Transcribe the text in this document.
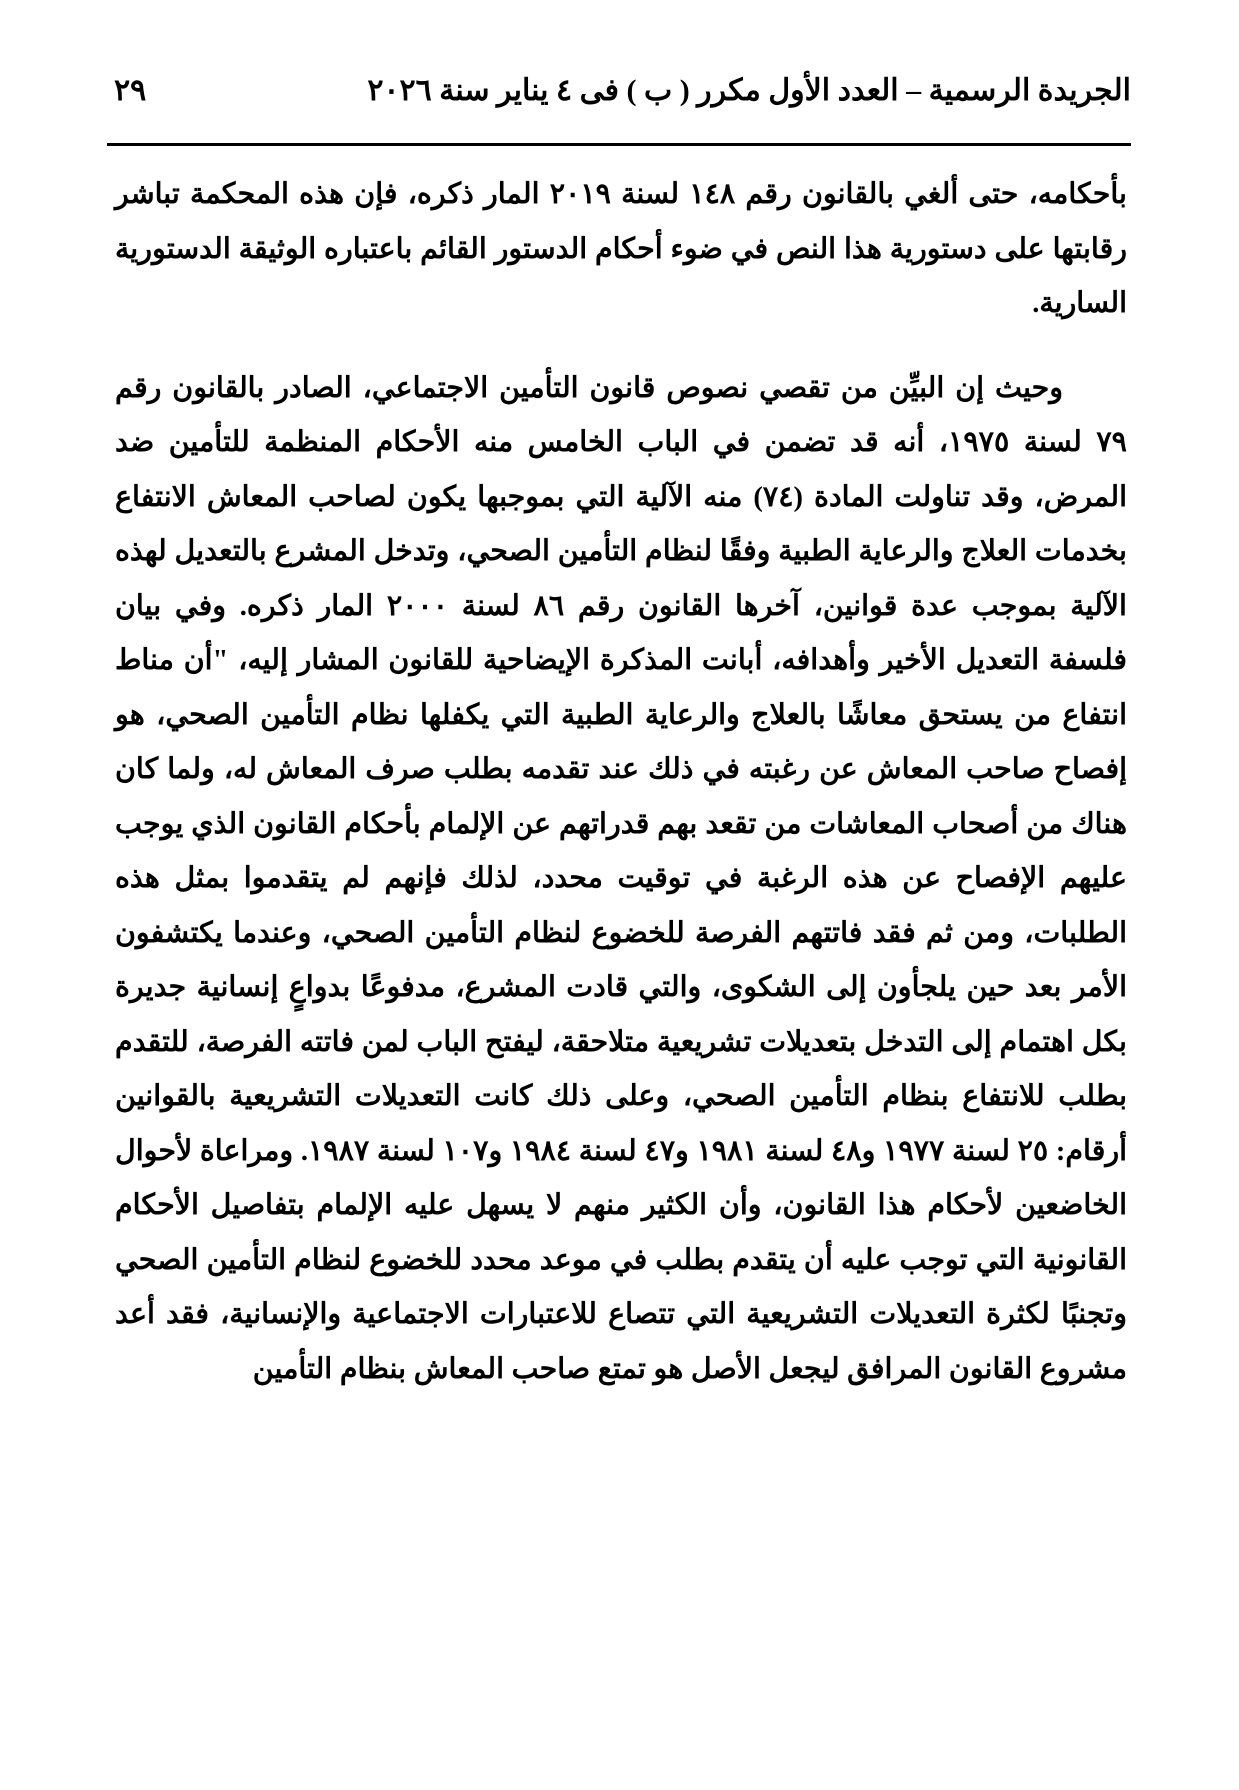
الجريدة الرسمية – العدد الأول مكرر ( ب ) فى ٤ يناير سنة ٢٠٢٦
٢٩

بأحكامه، حتى ألغي بالقانون رقم ١٤٨ لسنة ٢٠١٩ المار ذكره، فإن هذه المحكمة تباشر رقابتها على دستورية هذا النص في ضوء أحكام الدستور القائم باعتباره الوثيقة الدستورية السارية.

وحيث إن البيِّن من تقصي نصوص قانون التأمين الاجتماعي، الصادر بالقانون رقم ٧٩ لسنة ١٩٧٥، أنه قد تضمن في الباب الخامس منه الأحكام المنظمة للتأمين ضد المرض، وقد تناولت المادة (٧٤) منه الآلية التي بموجبها يكون لصاحب المعاش الانتفاع بخدمات العلاج والرعاية الطبية وفقًا لنظام التأمين الصحي، وتدخل المشرع بالتعديل لهذه الآلية بموجب عدة قوانين، آخرها القانون رقم ٨٦ لسنة ٢٠٠٠ المار ذكره. وفي بيان فلسفة التعديل الأخير وأهدافه، أبانت المذكرة الإيضاحية للقانون المشار إليه، "أن مناط انتفاع من يستحق معاشًا بالعلاج والرعاية الطبية التي يكفلها نظام التأمين الصحي، هو إفصاح صاحب المعاش عن رغبته في ذلك عند تقدمه بطلب صرف المعاش له، ولما كان هناك من أصحاب المعاشات من تقعد بهم قدراتهم عن الإلمام بأحكام القانون الذي يوجب عليهم الإفصاح عن هذه الرغبة في توقيت محدد، لذلك فإنهم لم يتقدموا بمثل هذه الطلبات، ومن ثم فقد فاتتهم الفرصة للخضوع لنظام التأمين الصحي، وعندما يكتشفون الأمر بعد حين يلجأون إلى الشكوى، والتي قادت المشرع، مدفوعًا بدواعٍ إنسانية جديرة بكل اهتمام إلى التدخل بتعديلات تشريعية متلاحقة، ليفتح الباب لمن فاتته الفرصة، للتقدم بطلب للانتفاع بنظام التأمين الصحي، وعلى ذلك كانت التعديلات التشريعية بالقوانين أرقام: ٢٥ لسنة ١٩٧٧ و٤٨ لسنة ١٩٨١ و٤٧ لسنة ١٩٨٤ و١٠٧ لسنة ١٩٨٧. ومراعاة لأحوال الخاضعين لأحكام هذا القانون، وأن الكثير منهم لا يسهل عليه الإلمام بتفاصيل الأحكام القانونية التي توجب عليه أن يتقدم بطلب في موعد محدد للخضوع لنظام التأمين الصحي وتجنبًا لكثرة التعديلات التشريعية التي تتصاع للاعتبارات الاجتماعية والإنسانية، فقد أعد مشروع القانون المرافق ليجعل الأصل هو تمتع صاحب المعاش بنظام التأمين
